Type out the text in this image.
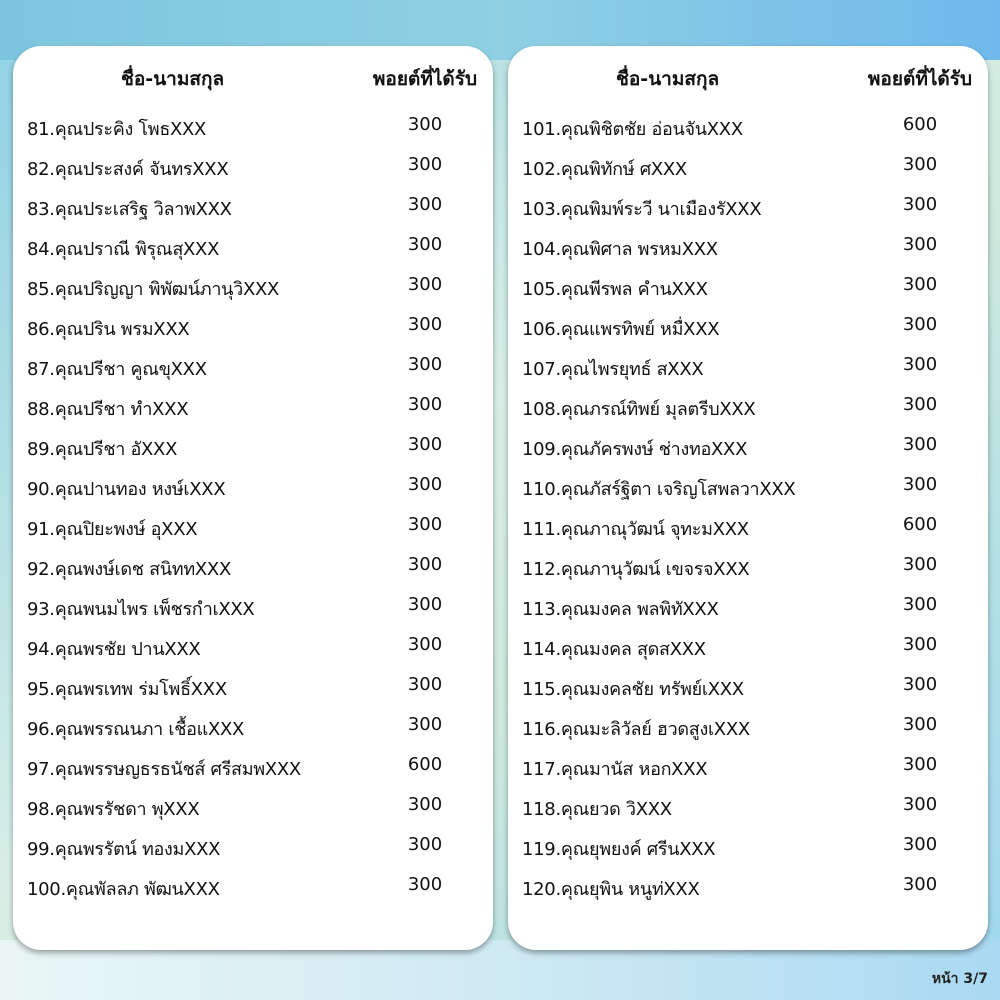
ชื่อ-นามสกุล	พอยต์ที่ได้รับ
81.คุณประคิง โพธXXX	300
82.คุณประสงค์ จันทรXXX	300
83.คุณประเสริฐ วิลาพXXX	300
84.คุณปราณี พิรุณสุXXX	300
85.คุณปริญญา พิพัฒน์ภานุวิXXX	300
86.คุณปริน พรมXXX	300
87.คุณปรีชา คูณขุXXX	300
88.คุณปรีชา ทำXXX	300
89.คุณปรีชา อัXXX	300
90.คุณปานทอง หงษ์เXXX	300
91.คุณปิยะพงษ์ อุXXX	300
92.คุณพงษ์เดช สนิททXXX	300
93.คุณพนมไพร เพ็ชรกำเXXX	300
94.คุณพรชัย ปานXXX	300
95.คุณพรเทพ ร่มโพธิ์XXX	300
96.คุณพรรณนภา เชื้อแXXX	300
97.คุณพรรษญธรธนัชส์ ศรีสมพXXX	600
98.คุณพรรัชดา พุXXX	300
99.คุณพรรัตน์ ทองมXXX	300
100.คุณพัลลภ พัฒนXXX	300
ชื่อ-นามสกุล	พอยต์ที่ได้รับ
101.คุณพิชิตชัย อ่อนจันXXX	600
102.คุณพิทักษ์ ศXXX	300
103.คุณพิมพ์ระวี นาเมืองรัXXX	300
104.คุณพิศาล พรหมXXX	300
105.คุณพีรพล คำนXXX	300
106.คุณแพรทิพย์ หมื่XXX	300
107.คุณไพรยุทธ์ สXXX	300
108.คุณภรณ์ทิพย์ มุลตรีบXXX	300
109.คุณภัครพงษ์ ช่างทอXXX	300
110.คุณภัสร์ฐิตา เจริญโสพลวาXXX	300
111.คุณภาณุวัฒน์ จุทะมXXX	600
112.คุณภานุวัฒน์ เขจรจXXX	300
113.คุณมงคล พลพิทัXXX	300
114.คุณมงคล สุดสXXX	300
115.คุณมงคลชัย ทรัพย์เXXX	300
116.คุณมะลิวัลย์ ฮวดสูงเXXX	300
117.คุณมานัส หอกXXX	300
118.คุณยวด วิXXX	300
119.คุณยุพยงค์ ศรีนXXX	300
120.คุณยุพิน หนูท่XXX	300
หน้า 3/7
